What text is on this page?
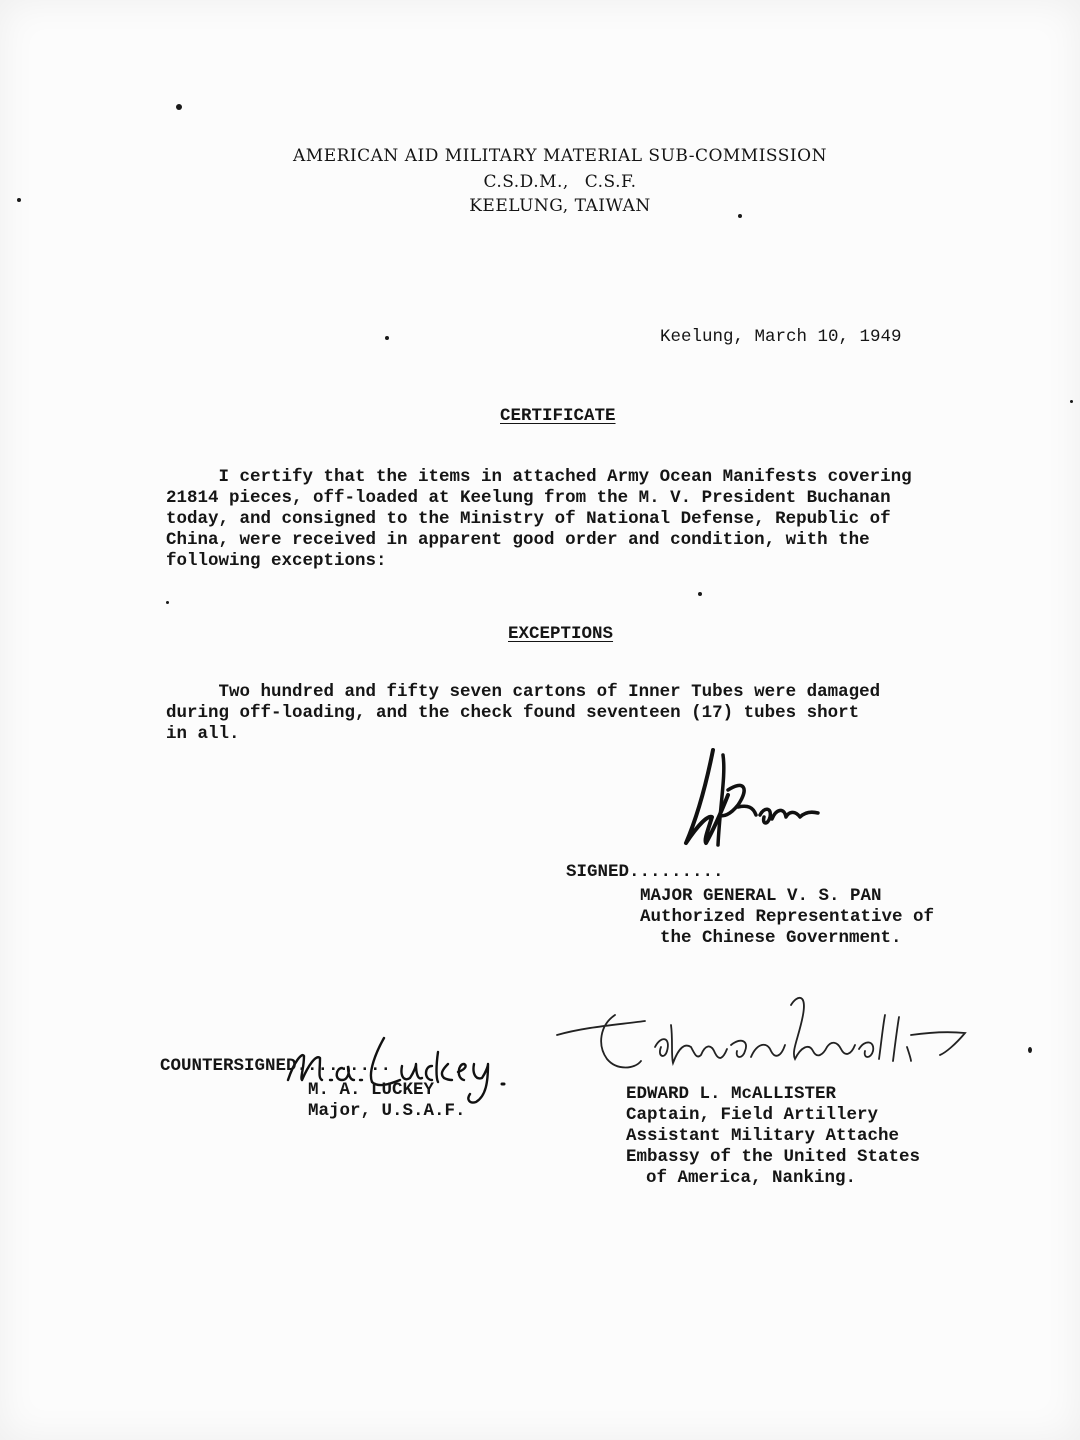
AMERICAN AID MILITARY MATERIAL SUB-COMMISSION
C.S.D.M., C.S.F.
KEELUNG, TAIWAN
Keelung, March 10, 1949
CERTIFICATE
I certify that the items in attached Army Ocean Manifests covering
21814 pieces, off-loaded at Keelung from the M. V. President Buchanan
today, and consigned to the Ministry of National Defense, Republic of
China, were received in apparent good order and condition, with the
following exceptions:
EXCEPTIONS
Two hundred and fifty seven cartons of Inner Tubes were damaged
during off-loading, and the check found seventeen (17) tubes short
in all.
SIGNED.........
MAJOR GENERAL V. S. PAN
Authorized Representative of
the Chinese Government.
COUNTERSIGNED.........
M. A. LUCKEY
Major, U.S.A.F.
EDWARD L. McALLISTER
Captain, Field Artillery
Assistant Military Attache
Embassy of the United States
of America, Nanking.
